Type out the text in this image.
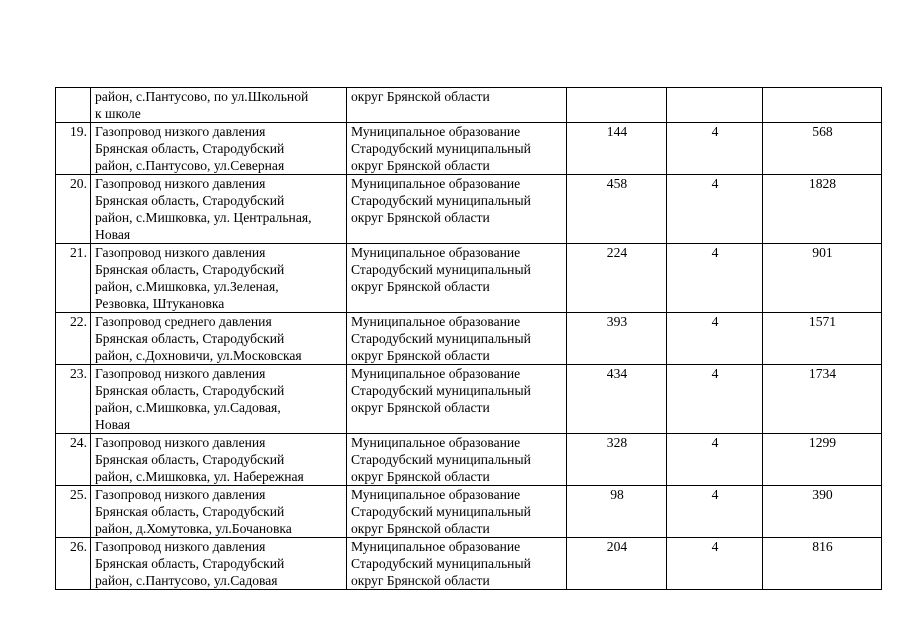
	район, с.Пантусово, по ул.Школьной
к школе	округ Брянской области			

19.	Газопровод низкого давления
Брянская область, Стародубский
район, с.Пантусово, ул.Северная	Муниципальное образование
Стародубский муниципальный
округ Брянской области	144	4	568
20.	Газопровод низкого давления
Брянская область, Стародубский
район, с.Мишковка, ул. Центральная,
Новая	Муниципальное образование
Стародубский муниципальный
округ Брянской области	458	4	1828
21.	Газопровод низкого давления
Брянская область, Стародубский
район, с.Мишковка, ул.Зеленая,
Резвовка, Штукановка	Муниципальное образование
Стародубский муниципальный
округ Брянской области	224	4	901
22.	Газопровод среднего давления
Брянская область, Стародубский
район, с.Дохновичи, ул.Московская	Муниципальное образование
Стародубский муниципальный
округ Брянской области	393	4	1571
23.	Газопровод низкого давления
Брянская область, Стародубский
район, с.Мишковка, ул.Садовая,
Новая	Муниципальное образование
Стародубский муниципальный
округ Брянской области	434	4	1734
24.	Газопровод низкого давления
Брянская область, Стародубский
район, с.Мишковка, ул. Набережная	Муниципальное образование
Стародубский муниципальный
округ Брянской области	328	4	1299
25.	Газопровод низкого давления
Брянская область, Стародубский
район, д.Хомутовка, ул.Бочановка	Муниципальное образование
Стародубский муниципальный
округ Брянской области	98	4	390
26.	Газопровод низкого давления
Брянская область, Стародубский
район, с.Пантусово, ул.Садовая	Муниципальное образование
Стародубский муниципальный
округ Брянской области	204	4	816
